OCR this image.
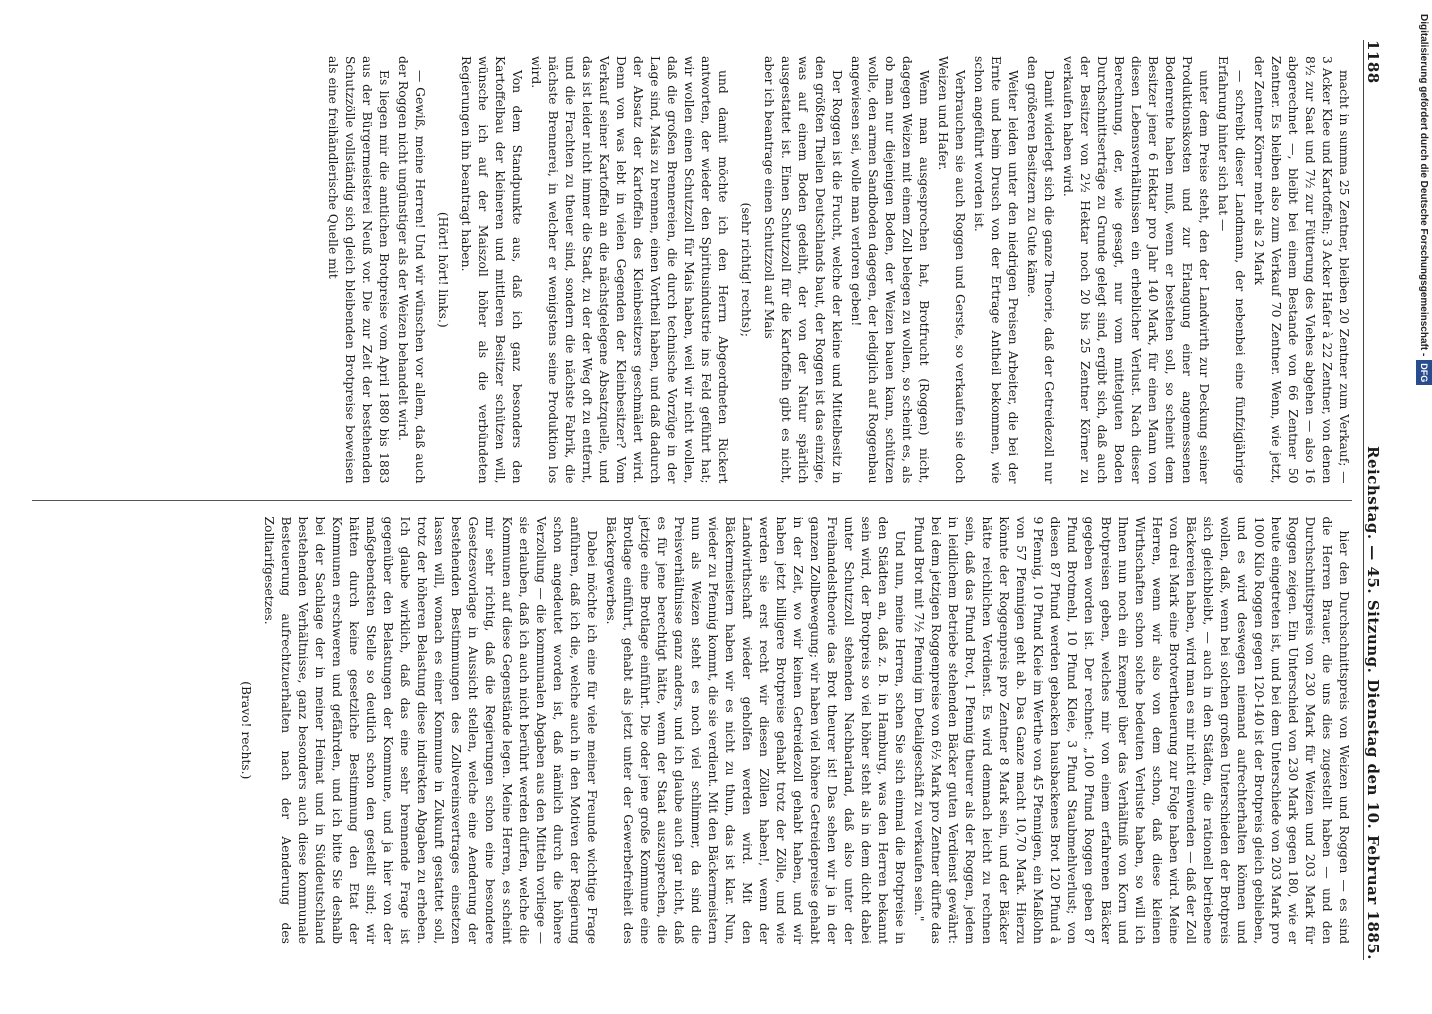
Digitalisierung gefördert durch die Deutsche Forschungsgemeinschaft -DFG
1188
Reichstag. — 45. Sitzung. Dienstag den 10. Februar 1885.

macht in summa 25 Zentner, bleiben 20 Zentner zum Verkauf; — 3 Acker Klee und Kartoffeln; 3 Acker Hafer à 22 Zentner, von denen 8½ zur Saat und 7½ zur Fütterung des Viehes abgehen — also 16 abgerechnet —, bleibt bei einem Bestande von 66 Zentner 50 Zentner. Es bleiben also zum Verkauf 70 Zentner. Wenn, wie jetzt, der Zentner Körner mehr als 2 Mark

— schreibt dieser Landmann, der nebenbei eine fünfzigjährige Erfahrung hinter sich hat —

unter dem Preise steht, den der Landwirth zur Deckung seiner Produktionskosten und zur Erlangung einer angemessenen Bodenrente haben muß, wenn er bestehen soll, so scheint dem Besitzer jener 6 Hektar pro Jahr 140 Mark, für einen Mann von diesen Lebensverhältnissen ein erheblicher Verlust. Nach dieser Berechnung, der, wie gesagt, nur vom mittelguten Boden Durchschnittserträge zu Grunde gelegt sind, ergibt sich, daß auch der Besitzer von 2½ Hektar noch 20 bis 25 Zentner Körner zu verkaufen haben wird.

Damit widerlegt sich die ganze Theorie, daß der Getreidezoll nur den größeren Besitzern zu Gute käme.

Weiter leiden unter den niedrigen Preisen Arbeiter, die bei der Ernte und beim Drusch von der Ertrage Antheil bekommen, wie schon angeführt worden ist.

Verbrauchen sie auch Roggen und Gerste, so verkaufen sie doch Weizen und Hafer.

Wenn man ausgesprochen hat, Brotfrucht (Roggen) nicht, dagegen Weizen mit einem Zoll belegen zu wollen, so scheint es, als ob man nur diejenigen Boden, der Weizen bauen kann, schützen wolle, den armen Sandboden dagegen, der lediglich auf Roggenbau angewiesen sei, wolle man verloren geben!

Der Roggen ist die Frucht, welche der kleine und Mittelbesitz in den größten Theilen Deutschlands baut, der Roggen ist das einzige, was auf einem Boden gedeiht, der von der Natur spärlich ausgestattet ist. Einen Schutzzoll für die Kartoffeln gibt es nicht, aber ich beantrage einen Schutzzoll auf Mais

(sehr richtig! rechts);

und damit möchte ich den Herrn Abgeordneten Rickert antworten, der wieder den Spiritusindustrie ins Feld geführt hat; wir wollen einen Schutzzoll für Mais haben, weil wir nicht wollen, daß die großen Brennereien, die durch technische Vorzüge in der Lage sind, Mais zu brennen, einen Vortheil haben, und daß dadurch der Absatz der Kartoffeln des Kleinbesitzers geschmälert wird. Denn von was lebt in vielen Gegenden der Kleinbesitzer? Vom Verkauf seiner Kartoffeln an die nächstgelegene Absatzquelle, und das ist leider nicht immer die Stadt, zu der der Weg oft zu entfernt, und die Frachten zu theuer sind, sondern die nächste Fabrik, die nächste Brennerei, in welcher er wenigstens seine Produktion los wird.

Von dem Standpunkte aus, daß ich ganz besonders den Kartoffelbau der kleineren und mittleren Besitzer schützen will, wünsche ich auf der Maiszoll höher als die verbündeten Regierungen ihn beantragt haben.

(Hört! hört! links.)

— Gewiß, meine Herren! Und wir wünschen vor allem, daß auch der Roggen nicht ungünstiger als der Weizen behandelt wird.

Es liegen mir die amtlichen Brotpreise vom April 1880 bis 1883 aus der Bürgermeisterei Neuß vor. Die zur Zeit der bestehenden Schutzzölle vollständig sich gleich bleibenden Brotpreise beweisen als eine freihändlerische Quelle mit

hier den Durchschnittspreis von Weizen und Roggen — es sind die Herren Brauer, die uns dies zugestellt haben — und den Durchschnittspreis von 230 Mark für Weizen und 203 Mark für Roggen zeigen. Ein Unterschied von 230 Mark gegen 180, wie er heute eingetreten ist, und bei dem Unterschiede von 203 Mark pro 1000 Kilo Roggen gegen 120-140 ist der Brotpreis gleich geblieben, und es wird deswegen niemand aufrechterhalten können und wollen, daß, wenn bei solchen großen Unterschieden der Brotpreis sich gleichbleibt, — auch in den Städten, die rationell betriebene Bäckereien haben, wird man es mir nicht einwenden — daß der Zoll von drei Mark eine Brotvertheuerung zur Folge haben wird. Meine Herren, wenn wir also von dem schon, daß diese kleinen Wirthschaften schon solche bedeuten Verluste haben, so will ich Ihnen nun noch ein Exempel über das Verhältniß von Korn und Brotpreisen geben, welches mir von einem erfahrenen Bäcker gegeben worden ist. Der rechnet: „100 Pfund Roggen geben 87 Pfund Brotmehl, 10 Pfund Kleie, 3 Pfund Staubmehlverlust; von diesen 87 Pfund werden gebacken hausbackenes Brot 120 Pfund à 9 Pfennig, 10 Pfund Kleie im Werthe von 45 Pfennigen, ein Maßlohn von 57 Pfennigen geht ab. Das Ganze macht 10,70 Mark. Hierzu könnte der Roggenpreis pro Zentner 8 Mark sein, und der Bäcker hätte reichlichen Verdienst. Es wird demnach leicht zu rechnen sein, daß das Pfund Brot, 1 Pfennig theurer als der Roggen, jedem in leidlichem Betriebe stehenden Bäcker guten Verdienst gewährt: bei dem jetzigen Roggenpreise von 6½ Mark pro Zentner dürfte das Pfund Brot mit 7½ Pfennig im Detailgeschäft zu verkaufen sein."

Und nun, meine Herren, schen Sie sich einmal die Brotpreise in den Städten an, daß z. B. in Hamburg, was den Herren bekannt sein wird, der Brotpreis so viel höher steht als in dem dicht dabei unter Schutzzoll stehenden Nachbarland, daß also unter der Freihandelstheorie das Brot theurer ist! Das sehen wir ja in der ganzen Zollbewegung; wir haben viel höhere Getreidepreise gehabt in der Zeit, wo wir keinen Getreidezoll gehabt haben, und wir haben jetzt billigere Brotpreise gehabt trotz der Zölle, und wie werden sie erst recht wir diesen Zöllen haben!, wenn der Landwirthschaft wieder geholfen werden wird. Mit den Bäckermeistern haben wir es nicht zu thun, das ist klar. Nun, wieder zu Pfennig kommt, die sie verdient. Mit den Bäckermeistern nun als Weizen steht es noch viel schlimmer, da sind die Preisverhältnisse ganz anders, und ich glaube auch gar nicht, daß es für jene berechtigt hätte, wenn der Staat auszusprechen, die jetzige eine Brotlage einführt. Die oder jene große Kommune eine Brotlage einführt, gehabt als jetzt unter der Gewerbefreiheit des Bäckergewerbes.

Dabei möchte ich eine für viele meiner Freunde wichtige Frage anführen, daß ich die, welche auch in den Motiven der Regierung schon angedeutet worden ist, daß nämlich durch die höhere Verzollung — die kommunalen Abgaben aus den Mitteln vorliege — sie erlauben, daß ich auch nicht berührt werden dürfen, welche die Kommunen auf diese Gegenstände legen. Meine Herren, es scheint mir sehr richtig, daß die Regierungen schon eine besondere Gesetzesvorlage in Aussicht stellen, welche eine Aenderung der bestehenden Bestimmungen des Zollvereinsvertrages einsetzen lassen will, wonach es einer Kommune in Zukunft gestattet soll, trotz der höheren Belastung diese indirekten Abgaben zu erheben. Ich glaube wirklich, daß das eine sehr brennende Frage ist gegenüber den Belastungen der Kommune, und ja hier von der maßgebendsten Stelle so deutlich schon den gestellt sind; wir hätten durch keine gesetzliche Bestimmung den Etat der Kommunen erschweren und gefährden, und ich bitte Sie deshalb bei der Sachlage der in meiner Heimat und in Süddeutschland bestehenden Verhältnisse, ganz besonders auch diese kommunale Besteuerung aufrechtzuerhalten nach der Aenderung des Zolltarifgesetzes.

(Bravo! rechts.)
